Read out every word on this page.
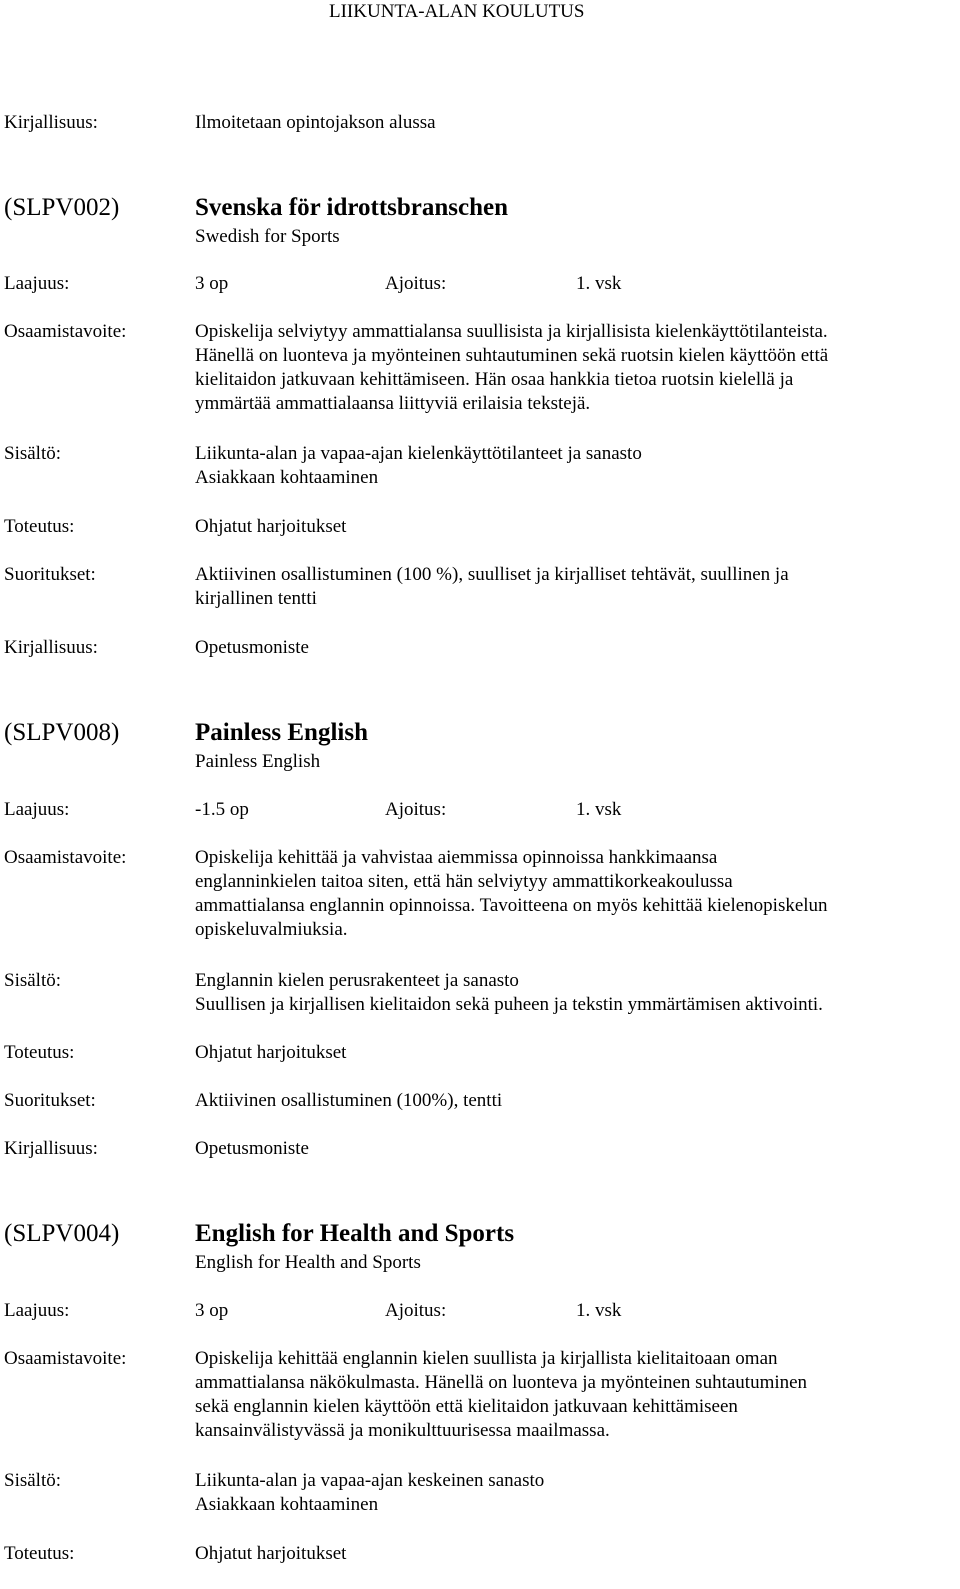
LIIKUNTA-ALAN KOULUTUS
Kirjallisuus:	Ilmoitetaan opintojakson alussa
(SLPV002)	Svenska för idrottsbranschen
Swedish for Sports
Laajuus:	3 op	Ajoitus:	1. vsk
Osaamistavoite:	Opiskelija selviytyy ammattialansa suullisista ja kirjallisista kielenkäyttötilanteista.
Hänellä on luonteva ja myönteinen suhtautuminen sekä ruotsin kielen käyttöön että
kielitaidon jatkuvaan kehittämiseen. Hän osaa hankkia tietoa ruotsin kielellä ja
ymmärtää ammattialaansa liittyviä erilaisia tekstejä.
Sisältö:	Liikunta-alan ja vapaa-ajan kielenkäyttötilanteet ja sanasto
Asiakkaan kohtaaminen
Toteutus:	Ohjatut harjoitukset
Suoritukset:	Aktiivinen osallistuminen (100 %), suulliset ja kirjalliset tehtävät, suullinen ja
kirjallinen tentti
Kirjallisuus:	Opetusmoniste
(SLPV008)	Painless English
Painless English
Laajuus:	-1.5 op	Ajoitus:	1. vsk
Osaamistavoite:	Opiskelija kehittää ja vahvistaa aiemmissa opinnoissa hankkimaansa
englanninkielen taitoa siten, että hän selviytyy ammattikorkeakoulussa
ammattialansa englannin opinnoissa. Tavoitteena on myös kehittää kielenopiskelun
opiskeluvalmiuksia.
Sisältö:	Englannin kielen perusrakenteet ja sanasto
Suullisen ja kirjallisen kielitaidon sekä puheen ja tekstin ymmärtämisen aktivointi.
Toteutus:	Ohjatut harjoitukset
Suoritukset:	Aktiivinen osallistuminen (100%), tentti
Kirjallisuus:	Opetusmoniste
(SLPV004)	English for Health and Sports
English for Health and Sports
Laajuus:	3 op	Ajoitus:	1. vsk
Osaamistavoite:	Opiskelija kehittää englannin kielen suullista ja kirjallista kielitaitoaan oman
ammattialansa näkökulmasta. Hänellä on luonteva ja myönteinen suhtautuminen
sekä englannin kielen käyttöön että kielitaidon jatkuvaan kehittämiseen
kansainvälistyvässä ja monikulttuurisessa maailmassa.
Sisältö:	Liikunta-alan ja vapaa-ajan keskeinen sanasto
Asiakkaan kohtaaminen
Toteutus:	Ohjatut harjoitukset
